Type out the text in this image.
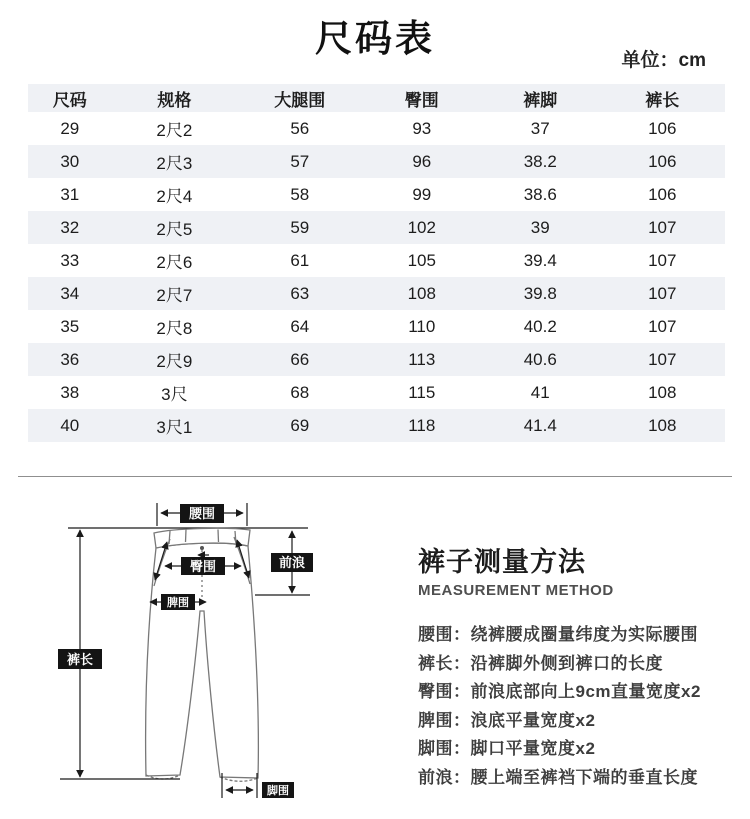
尺码表
单位：cm
尺码	规格	大腿围	臀围	裤脚	裤长
29	2尺2	56	93	37	106
30	2尺3	57	96	38.2	106
31	2尺4	58	99	38.6	106
32	2尺5	59	102	39	107
33	2尺6	61	105	39.4	107
34	2尺7	63	108	39.8	107
35	2尺8	64	110	40.2	107
36	2尺9	66	113	40.6	107
38	3尺	68	115	41	108
40	3尺1	69	118	41.4	108
腰围
臀围
脾围
前浪
裤长
脚围
裤子测量方法
MEASUREMENT METHOD
腰围：绕裤腰成圈量纬度为实际腰围
裤长：沿裤脚外侧到裤口的长度
臀围：前浪底部向上9cm直量宽度x2
脾围：浪底平量宽度x2
脚围：脚口平量宽度x2
前浪：腰上端至裤裆下端的垂直长度
